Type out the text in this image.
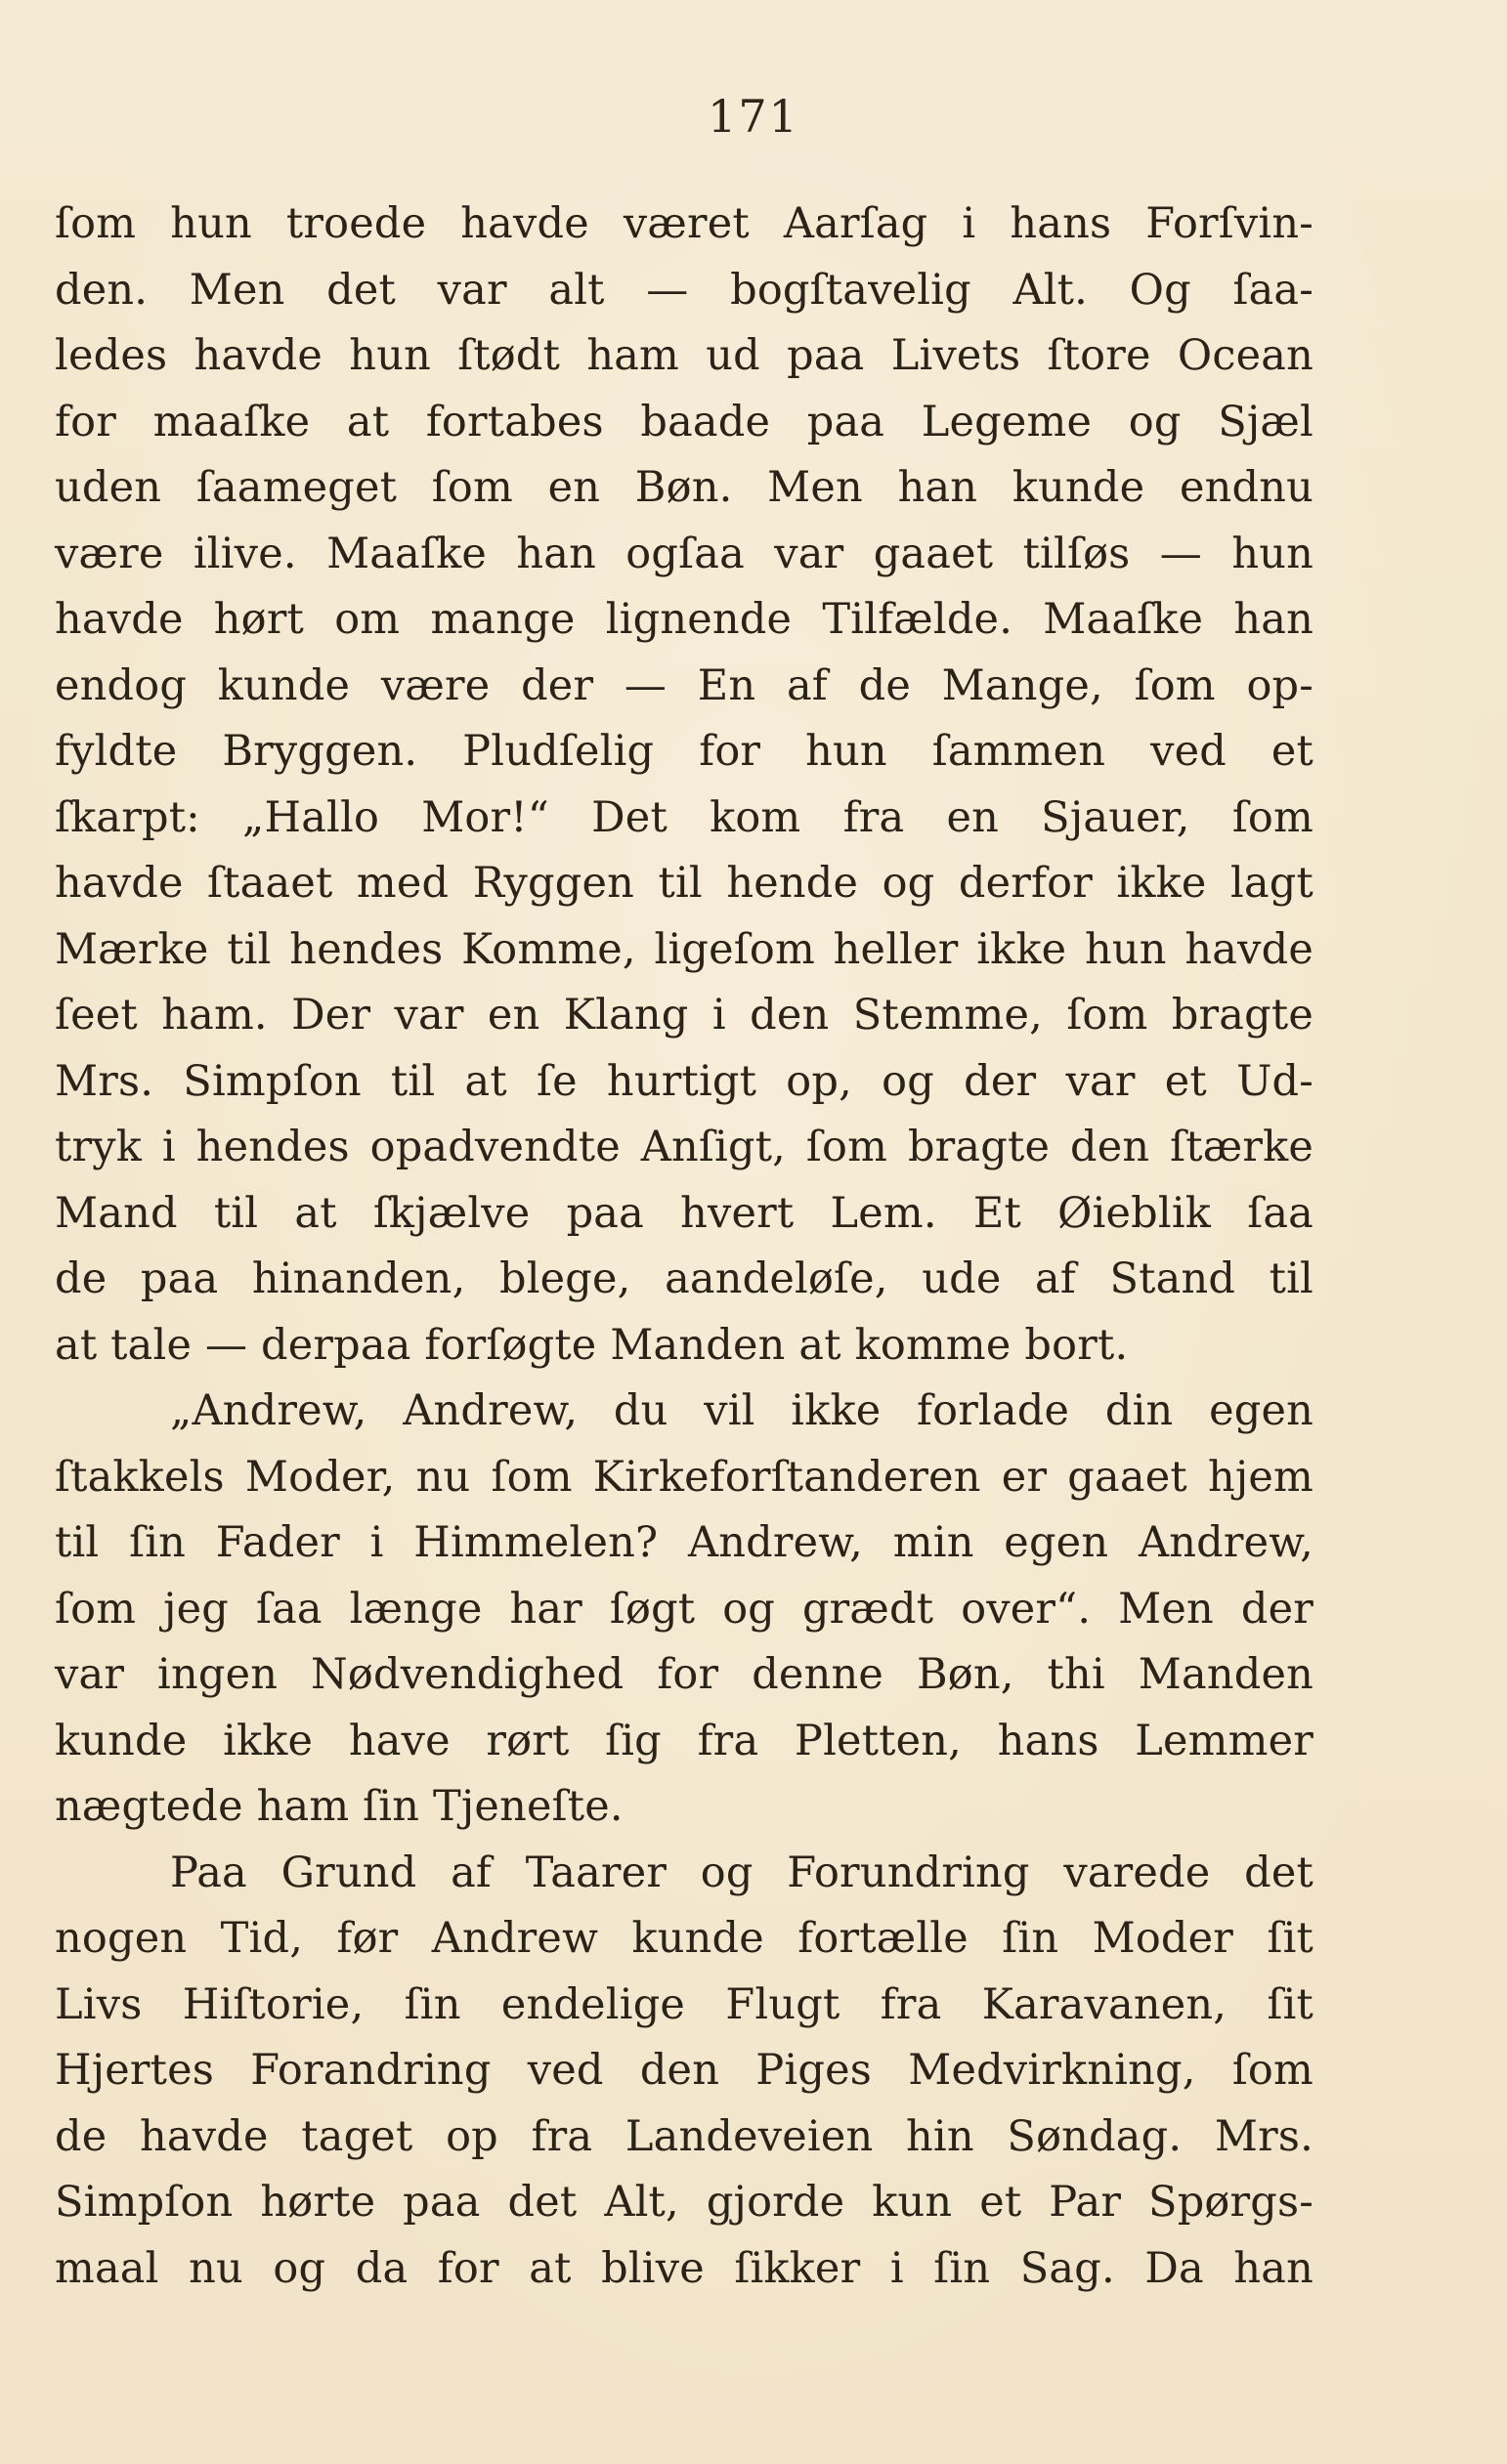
171
ſom hun troede havde været Aarſag i hans Forſvin-
den. Men det var alt — bogſtavelig Alt. Og ſaa-
ledes havde hun ſtødt ham ud paa Livets ſtore Ocean
for maaſke at fortabes baade paa Legeme og Sjæl
uden ſaameget ſom en Bøn. Men han kunde endnu
være ilive. Maaſke han ogſaa var gaaet tilſøs — hun
havde hørt om mange lignende Tilfælde. Maaſke han
endog kunde være der — En af de Mange, ſom op-
fyldte Bryggen. Pludſelig for hun ſammen ved et
ſkarpt: „Hallo Mor!“ Det kom fra en Sjauer, ſom
havde ſtaaet med Ryggen til hende og derfor ikke lagt
Mærke til hendes Komme, ligeſom heller ikke hun havde
ſeet ham. Der var en Klang i den Stemme, ſom bragte
Mrs. Simpſon til at ſe hurtigt op, og der var et Ud-
tryk i hendes opadvendte Anſigt, ſom bragte den ſtærke
Mand til at ſkjælve paa hvert Lem. Et Øieblik ſaa
de paa hinanden, blege, aandeløſe, ude af Stand til
at tale — derpaa forſøgte Manden at komme bort.
„Andrew, Andrew, du vil ikke forlade din egen
ſtakkels Moder, nu ſom Kirkeforſtanderen er gaaet hjem
til ſin Fader i Himmelen? Andrew, min egen Andrew,
ſom jeg ſaa længe har ſøgt og grædt over“. Men der
var ingen Nødvendighed for denne Bøn, thi Manden
kunde ikke have rørt ſig fra Pletten, hans Lemmer
nægtede ham ſin Tjeneſte.
Paa Grund af Taarer og Forundring varede det
nogen Tid, før Andrew kunde fortælle ſin Moder ſit
Livs Hiſtorie, ſin endelige Flugt fra Karavanen, ſit
Hjertes Forandring ved den Piges Medvirkning, ſom
de havde taget op fra Landeveien hin Søndag. Mrs.
Simpſon hørte paa det Alt, gjorde kun et Par Spørgs-
maal nu og da for at blive ſikker i ſin Sag. Da han
